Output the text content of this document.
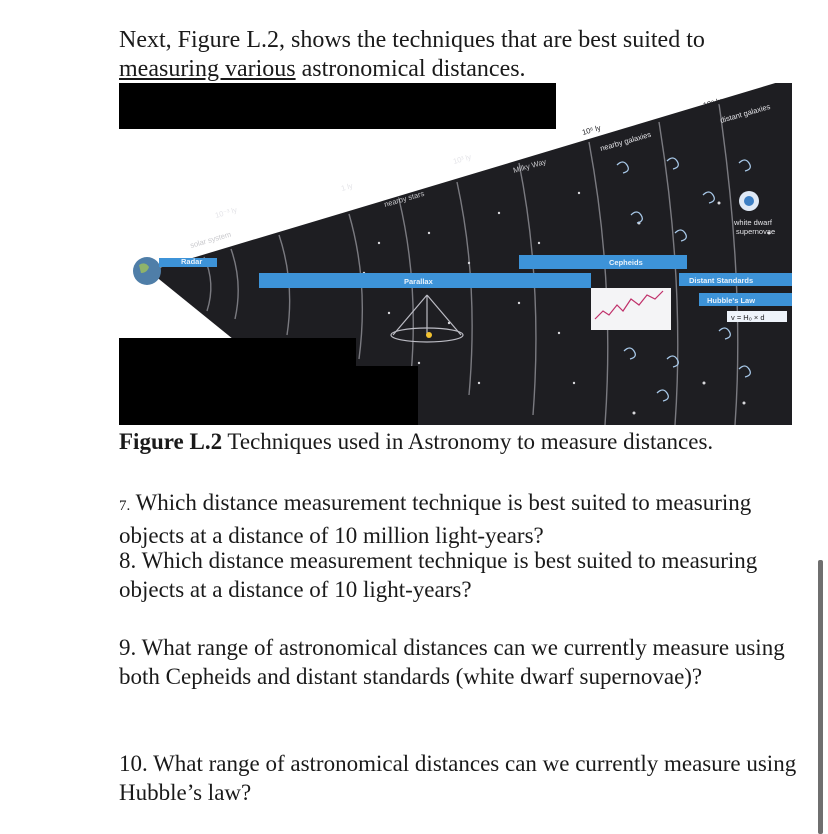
Next, Figure L.2, shows the techniques that are best suited to
measuring various astronomical distances.

10⁻³ ly
1 ly
10³ ly
10⁶ ly
10⁹ ly
solar system
nearby stars
Milky Way
nearby galaxies
distant galaxies
white dwarf
supernovae
Radar
Parallax
Cepheids
Distant Standards
Hubble's Law
v = H₀ × d

Figure L.2 Techniques used in Astronomy to measure distances.

7. Which distance measurement technique is best suited to measuring objects at a distance of 10 million light-years?

8. Which distance measurement technique is best suited to measuring objects at a distance of 10 light-years?

9. What range of astronomical distances can we currently measure using both Cepheids and distant standards (white dwarf supernovae)?

10. What range of astronomical distances can we currently measure using Hubble’s law?
